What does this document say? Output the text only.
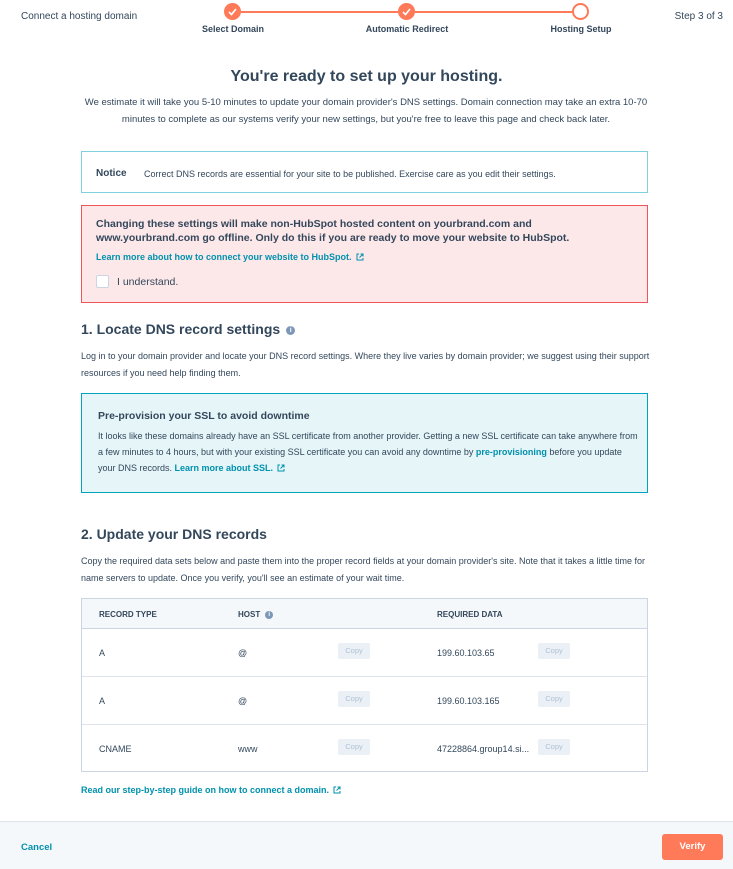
Connect a hosting domain
Select Domain	Automatic Redirect	Hosting Setup
Step 3 of 3
You're ready to set up your hosting.
We estimate it will take you 5-10 minutes to update your domain provider's DNS settings. Domain connection may take an extra 10-70 minutes to complete as our systems verify your new settings, but you're free to leave this page and check back later.
Notice Correct DNS records are essential for your site to be published. Exercise care as you edit their settings.
Changing these settings will make non-HubSpot hosted content on yourbrand.com and www.yourbrand.com go offline. Only do this if you are ready to move your website to HubSpot.
Learn more about how to connect your website to HubSpot.
I understand.
1. Locate DNS record settings i
Log in to your domain provider and locate your DNS record settings. Where they live varies by domain provider; we suggest using their support resources if you need help finding them.
Pre-provision your SSL to avoid downtime
It looks like these domains already have an SSL certificate from another provider. Getting a new SSL certificate can take anywhere from a few minutes to 4 hours, but with your existing SSL certificate you can avoid any downtime by pre-provisioning before you update your DNS records. Learn more about SSL.
2. Update your DNS records
Copy the required data sets below and paste them into the proper record fields at your domain provider's site. Note that it takes a little time for name servers to update. Once you verify, you'll see an estimate of your wait time.
RECORD TYPE	HOST i	REQUIRED DATA
A	@	Copy	199.60.103.65	Copy
A	@	Copy	199.60.103.165	Copy
CNAME	www	Copy	47228864.group14.si...	Copy
Read our step-by-step guide on how to connect a domain.
Cancel	Verify
